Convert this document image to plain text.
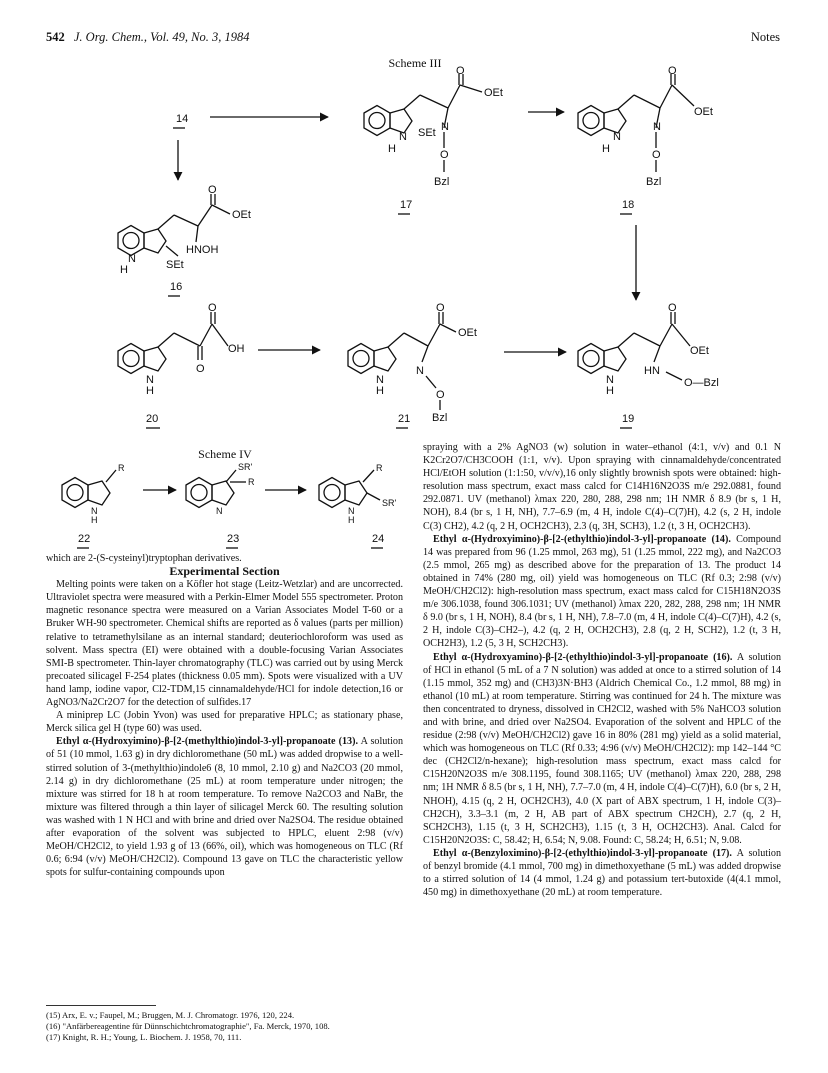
542 J. Org. Chem., Vol. 49, No. 3, 1984	Notes
Scheme III
Scheme IV
14
O
OEt
N
H
SEt N
O
Bzl
17
O
OEt
N
H
N
O
Bzl
18
O
OEt
HNOH
SEt
N
H
16
O
O
OH
N
H
20
O
OEt
N
O
Bzl
N
H
21
O
OEt
HN
O—Bzl
N
H
19
R
N
H
22
SR'
R
N
23
R
SR'
N
H
24

which are 2-(S-cysteinyl)tryptophan derivatives.

Experimental Section

Melting points were taken on a Köfler hot stage (Leitz-Wetzlar) and are uncorrected. Ultraviolet spectra were measured with a Perkin-Elmer Model 555 spectrometer. Proton magnetic resonance spectra were measured on a Varian Associates Model T-60 or a Bruker WH-90 spectrometer. Chemical shifts are reported as δ values (parts per million) relative to tetramethylsilane as an internal standard; deuteriochloroform was used as solvent. Mass spectra (EI) were obtained with a double-focusing Varian Associates SMI-B spectrometer. Thin-layer chromatography (TLC) was carried out by using Merck precoated silicagel F-254 plates (thickness 0.05 mm). Spots were visualized with a UV hand lamp, iodine vapor, Cl2-TDM,15 cinnamaldehyde/HCl for indole detection,16 or AgNO3/Na2Cr2O7 for the detection of sulfides.17

A miniprep LC (Jobin Yvon) was used for preparative HPLC; as stationary phase, Merck silica gel H (type 60) was used.

Ethyl α-(Hydroxyimino)-β-[2-(methylthio)indol-3-yl]-propanoate (13). A solution of 51 (10 mmol, 1.63 g) in dry dichloromethane (50 mL) was added dropwise to a well-stirred solution of 3-(methylthio)indole6 (8, 10 mmol, 2.10 g) and Na2CO3 (20 mmol, 2.14 g) in dry dichloromethane (25 mL) at room temperature under nitrogen; the mixture was stirred for 18 h at room temperature. To remove Na2CO3 and NaBr, the mixture was filtered through a thin layer of silicagel Merck 60. The resulting solution was washed with 1 N HCl and with brine and dried over Na2SO4. The residue obtained after evaporation of the solvent was subjected to HPLC, eluent 2:98 (v/v) MeOH/CH2Cl2, to yield 1.93 g of 13 (66%, oil), which was homogeneous on TLC (Rf 0.6; 6:94 (v/v) MeOH/CH2Cl2). Compound 13 gave on TLC the characteristic yellow spots for sulfur-containing compounds upon

(15) Arx, E. v.; Faupel, M.; Bruggen, M. J. Chromatogr. 1976, 120, 224.
(16) "Anfärbereagentine für Dünnschichtchromatographie", Fa. Merck, 1970, 108.
(17) Knight, R. H.; Young, L. Biochem. J. 1958, 70, 111.

spraying with a 2% AgNO3 (w) solution in water–ethanol (4:1, v/v) and 0.1 N K2Cr2O7/CH3COOH (1:1, v/v). Upon spraying with cinnamaldehyde/concentrated HCl/EtOH solution (1:1:50, v/v/v),16 only slightly brownish spots were obtained: high-resolution mass spectrum, exact mass calcd for C14H16N2O3S m/e 292.0881, found 292.0871. UV (methanol) λmax 220, 280, 288, 298 nm; 1H NMR δ 8.9 (br s, 1 H, NOH), 8.4 (br s, 1 H, NH), 7.7–6.9 (m, 4 H, indole C(4)–C(7)H), 4.2 (s, 2 H, indole C(3) CH2), 4.2 (q, 2 H, OCH2CH3), 2.3 (q, 3H, SCH3), 1.2 (t, 3 H, OCH2CH3).

Ethyl α-(Hydroxyimino)-β-[2-(ethylthio)indol-3-yl]-propanoate (14). Compound 14 was prepared from 96 (1.25 mmol, 263 mg), 51 (1.25 mmol, 222 mg), and Na2CO3 (2.5 mmol, 265 mg) as described above for the preparation of 13. The product 14 obtained in 74% (280 mg, oil) yield was homogeneous on TLC (Rf 0.3; 2:98 (v/v) MeOH/CH2Cl2): high-resolution mass spectrum, exact mass calcd for C15H18N2O3S m/e 306.1038, found 306.1031; UV (methanol) λmax 220, 282, 288, 298 nm; 1H NMR δ 9.0 (br s, 1 H, NOH), 8.4 (br s, 1 H, NH), 7.8–7.0 (m, 4 H, indole C(4)–C(7)H), 4.2 (s, 2 H, indole C(3)–CH2–), 4.2 (q, 2 H, OCH2CH3), 2.8 (q, 2 H, SCH2), 1.2 (t, 3 H, OCH2H3), 1.2 (5, 3 H, SCH2CH3).

Ethyl α-(Hydroxyamino)-β-[2-(ethylthio)indol-3-yl]-propanoate (16). A solution of HCl in ethanol (5 mL of a 7 N solution) was added at once to a stirred solution of 14 (1.15 mmol, 352 mg) and (CH3)3N·BH3 (Aldrich Chemical Co., 1.2 mmol, 88 mg) in ethanol (10 mL) at room temperature. Stirring was continued for 24 h. The mixture was then concentrated to dryness, dissolved in CH2Cl2, washed with 5% NaHCO3 solution and with brine, and dried over Na2SO4. Evaporation of the solvent and HPLC of the residue (2:98 (v/v) MeOH/CH2Cl2) gave 16 in 80% (281 mg) yield as a solid material, which was homogeneous on TLC (Rf 0.33; 4:96 (v/v) MeOH/CH2Cl2): mp 142–144 °C dec (CH2Cl2/n-hexane); high-resolution mass spectrum, exact mass calcd for C15H20N2O3S m/e 308.1195, found 308.1165; UV (methanol) λmax 220, 288, 298 nm; 1H NMR δ 8.5 (br s, 1 H, NH), 7.7–7.0 (m, 4 H, indole C(4)–C(7)H), 6.0 (br s, 2 H, NHOH), 4.15 (q, 2 H, OCH2CH3), 4.0 (X part of ABX spectrum, 1 H, indole C(3)–CH2CH), 3.3–3.1 (m, 2 H, AB part of ABX spectrum CH2CH), 2.7 (q, 2 H, SCH2CH3), 1.15 (t, 3 H, SCH2CH3), 1.15 (t, 3 H, OCH2CH3). Anal. Calcd for C15H20N2O3S: C, 58.42; H, 6.54; N, 9.08. Found: C, 58.24; H, 6.51; N, 9.08.

Ethyl α-(Benzyloximino)-β-[2-(ethylthio)indol-3-yl]-propanoate (17). A solution of benzyl bromide (4.1 mmol, 700 mg) in dimethoxyethane (5 mL) was added dropwise to a stirred solution of 14 (4 mmol, 1.24 g) and potassium tert-butoxide (4(4.1 mmol, 450 mg) in dimethoxyethane (20 mL) at room temperature.
